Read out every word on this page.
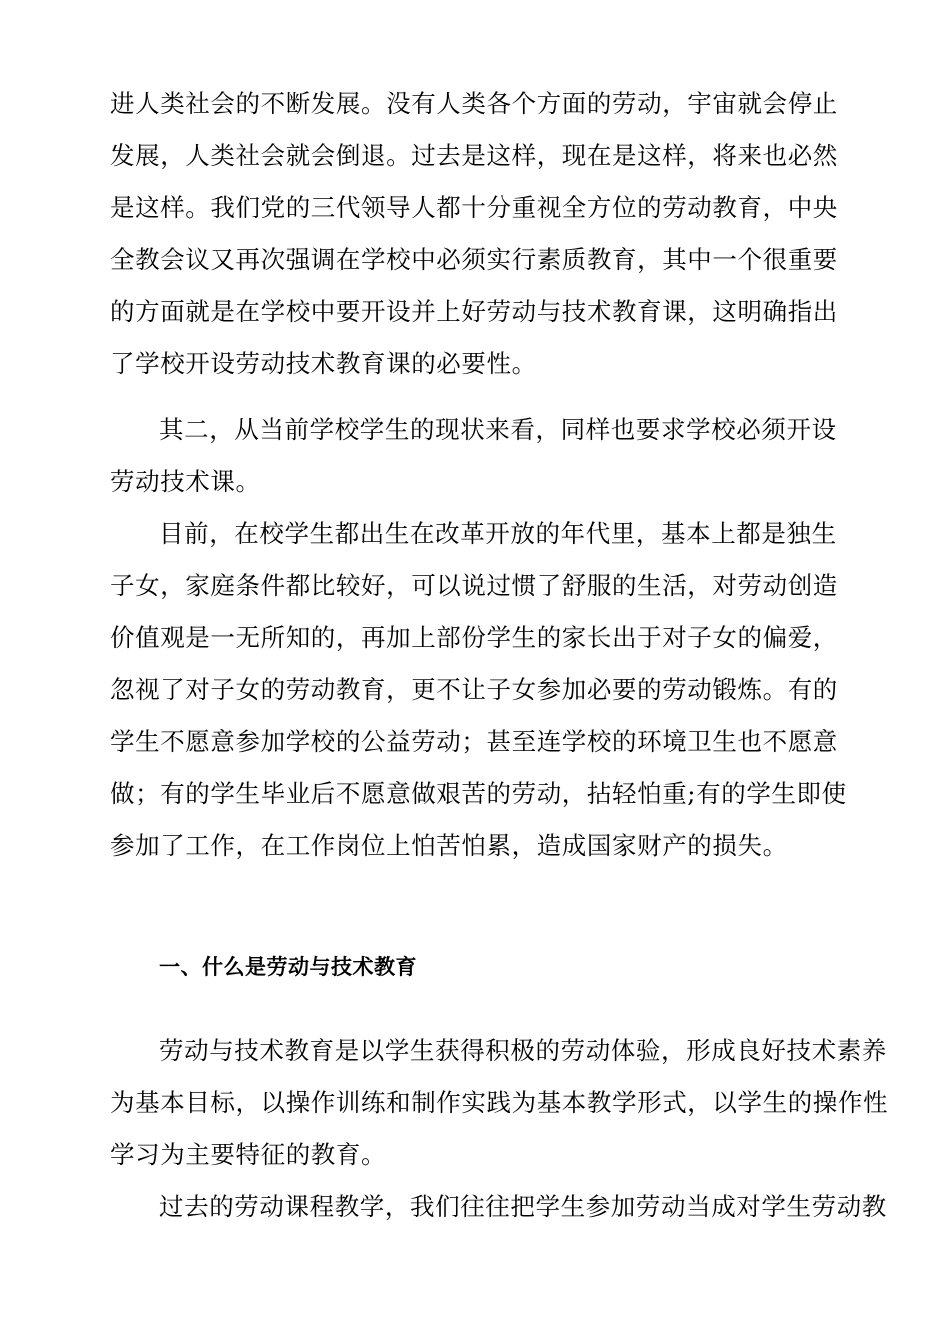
进人类社会的不断发展。没有人类各个方面的劳动，宇宙就会停止
发展，人类社会就会倒退。过去是这样，现在是这样，将来也必然
是这样。我们党的三代领导人都十分重视全方位的劳动教育，中央
全教会议又再次强调在学校中必须实行素质教育，其中一个很重要
的方面就是在学校中要开设并上好劳动与技术教育课，这明确指出
了学校开设劳动技术教育课的必要性。
其二，从当前学校学生的现状来看，同样也要求学校必须开设
劳动技术课。
目前，在校学生都出生在改革开放的年代里，基本上都是独生
子女，家庭条件都比较好，可以说过惯了舒服的生活，对劳动创造
价值观是一无所知的，再加上部份学生的家长出于对子女的偏爱，
忽视了对子女的劳动教育，更不让子女参加必要的劳动锻炼。有的
学生不愿意参加学校的公益劳动；甚至连学校的环境卫生也不愿意
做；有的学生毕业后不愿意做艰苦的劳动，拈轻怕重;有的学生即使
参加了工作，在工作岗位上怕苦怕累，造成国家财产的损失。
一、什么是劳动与技术教育
劳动与技术教育是以学生获得积极的劳动体验，形成良好技术素养
为基本目标，以操作训练和制作实践为基本教学形式，以学生的操作性
学习为主要特征的教育。
过去的劳动课程教学，我们往往把学生参加劳动当成对学生劳动教
